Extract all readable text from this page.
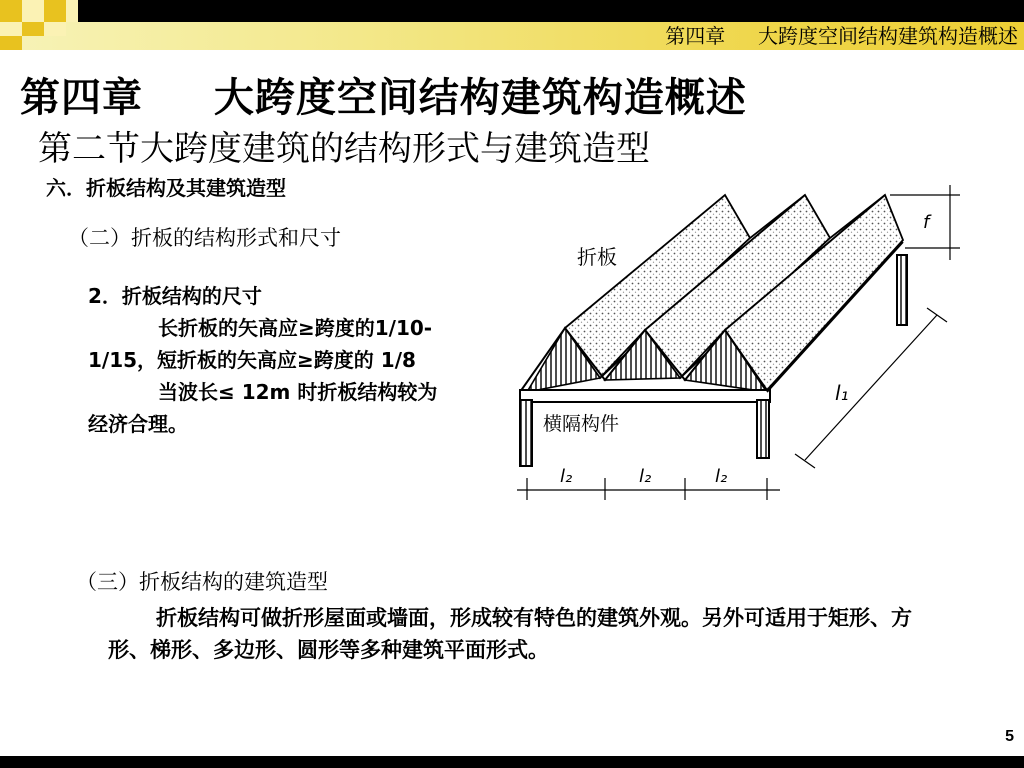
第四章　  大跨度空间结构建筑构造概述
第四章　  大跨度空间结构建筑构造概述
第二节大跨度建筑的结构形式与建筑造型
六．折板结构及其建筑造型
（二）折板的结构形式和尺寸

2．折板结构的尺寸

长折板的矢高应≥跨度的1/10-1/15，短折板的矢高应≥跨度的 1/8

当波长≤ 12m 时折板结构较为经济合理。

f
l₁
l₂	l₂	l₂
折板
横隔构件
（三）折板结构的建筑造型
折板结构可做折形屋面或墙面，形成较有特色的建筑外观。另外可适用于矩形、方形、梯形、多边形、圆形等多种建筑平面形式。
5
